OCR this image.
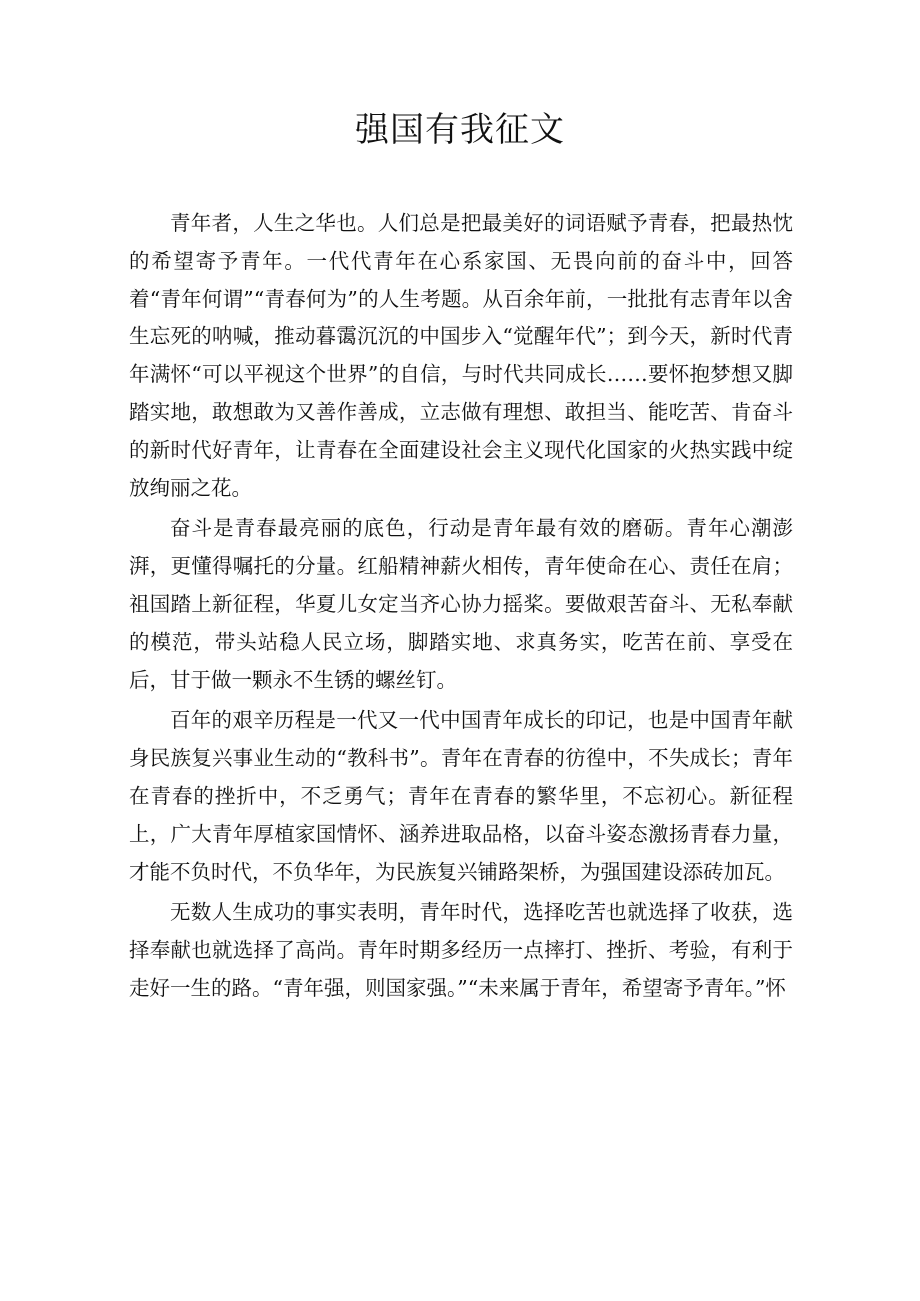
强国有我征文

青年者，人生之华也。人们总是把最美好的词语赋予青春，把最热忱的希望寄予青年。一代代青年在心系家国、无畏向前的奋斗中，回答着“青年何谓”“青春何为”的人生考题。从百余年前，一批批有志青年以舍生忘死的呐喊，推动暮霭沉沉的中国步入“觉醒年代”；到今天，新时代青年满怀“可以平视这个世界”的自信，与时代共同成长……要怀抱梦想又脚踏实地，敢想敢为又善作善成，立志做有理想、敢担当、能吃苦、肯奋斗的新时代好青年，让青春在全面建设社会主义现代化国家的火热实践中绽放绚丽之花。

奋斗是青春最亮丽的底色，行动是青年最有效的磨砺。青年心潮澎湃，更懂得嘱托的分量。红船精神薪火相传，青年使命在心、责任在肩；祖国踏上新征程，华夏儿女定当齐心协力摇桨。要做艰苦奋斗、无私奉献的模范，带头站稳人民立场，脚踏实地、求真务实，吃苦在前、享受在后，甘于做一颗永不生锈的螺丝钉。

百年的艰辛历程是一代又一代中国青年成长的印记，也是中国青年献身民族复兴事业生动的“教科书”。青年在青春的彷徨中，不失成长；青年在青春的挫折中，不乏勇气；青年在青春的繁华里，不忘初心。新征程上，广大青年厚植家国情怀、涵养进取品格，以奋斗姿态激扬青春力量，才能不负时代，不负华年，为民族复兴铺路架桥，为强国建设添砖加瓦。

无数人生成功的事实表明，青年时代，选择吃苦也就选择了收获，选择奉献也就选择了高尚。青年时期多经历一点摔打、挫折、考验，有利于走好一生的路。“青年强，则国家强。”“未来属于青年，希望寄予青年。”怀
